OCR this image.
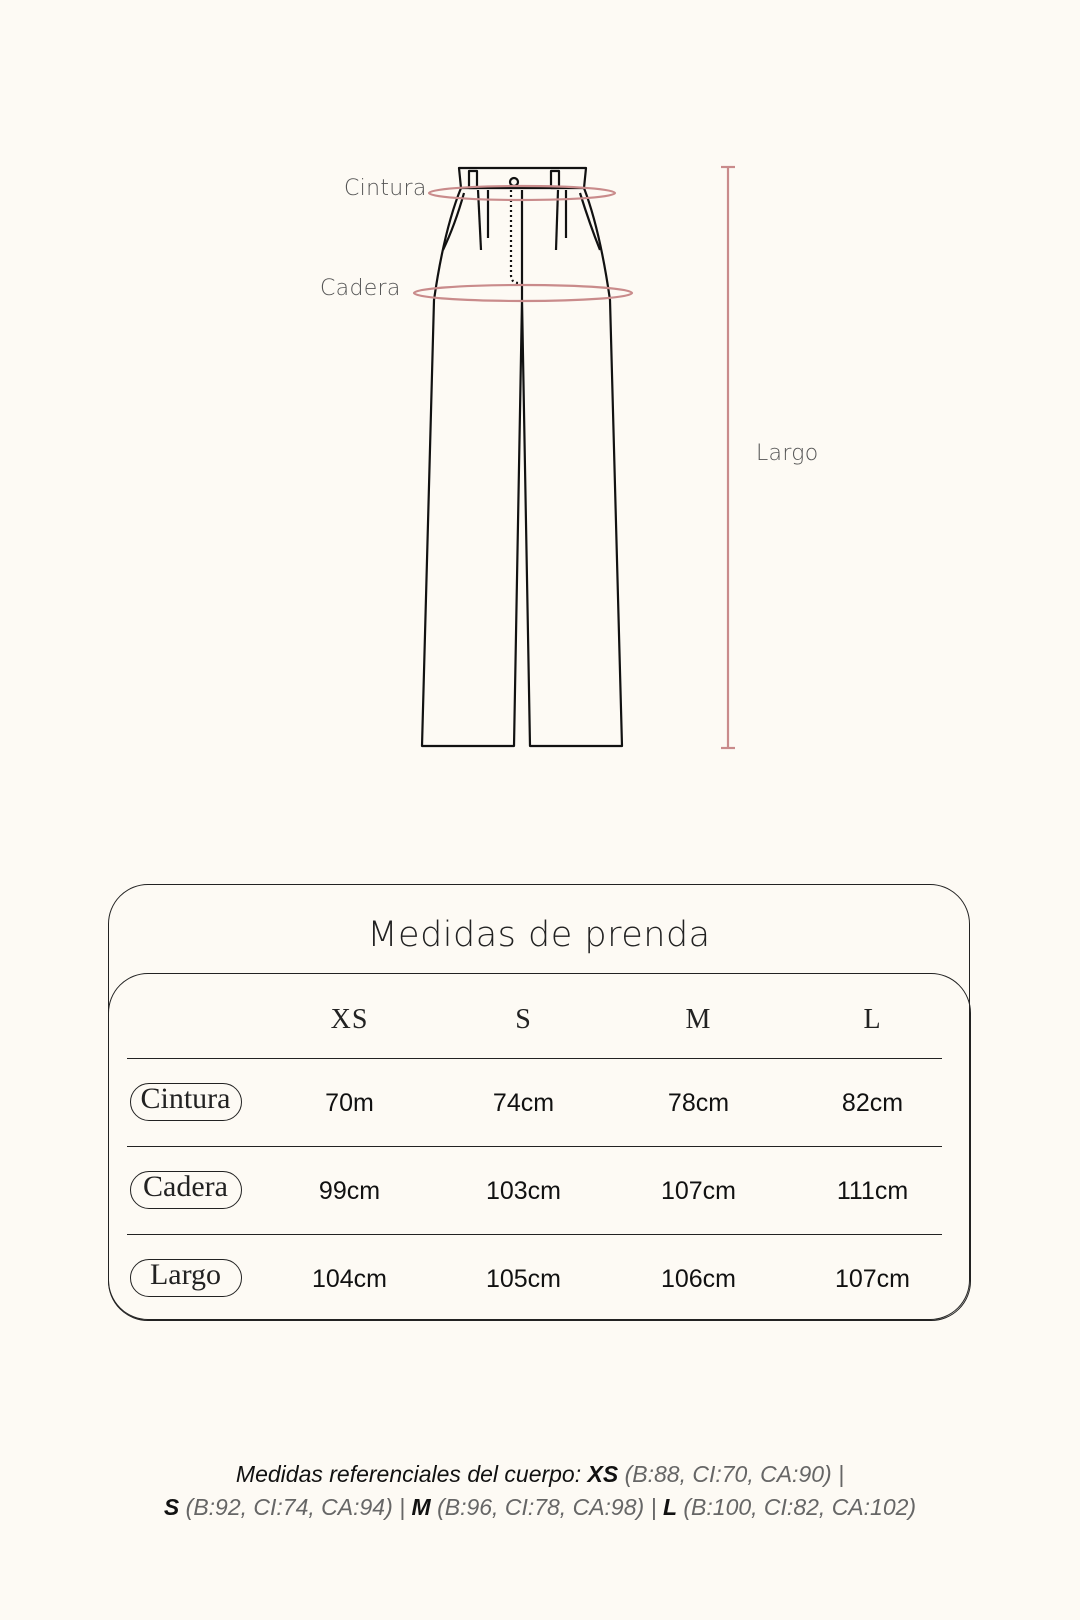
Cintura
Cadera
Largo
Medidas de prenda
XS	S	M	L
Cintura	70m	74cm	78cm	82cm
Cadera	99cm	103cm	107cm	111cm
Largo	104cm	105cm	106cm	107cm
Medidas referenciales del cuerpo: XS (B:88, CI:70, CA:90) |
S (B:92, CI:74, CA:94) | M (B:96, CI:78, CA:98) | L (B:100, CI:82, CA:102)
